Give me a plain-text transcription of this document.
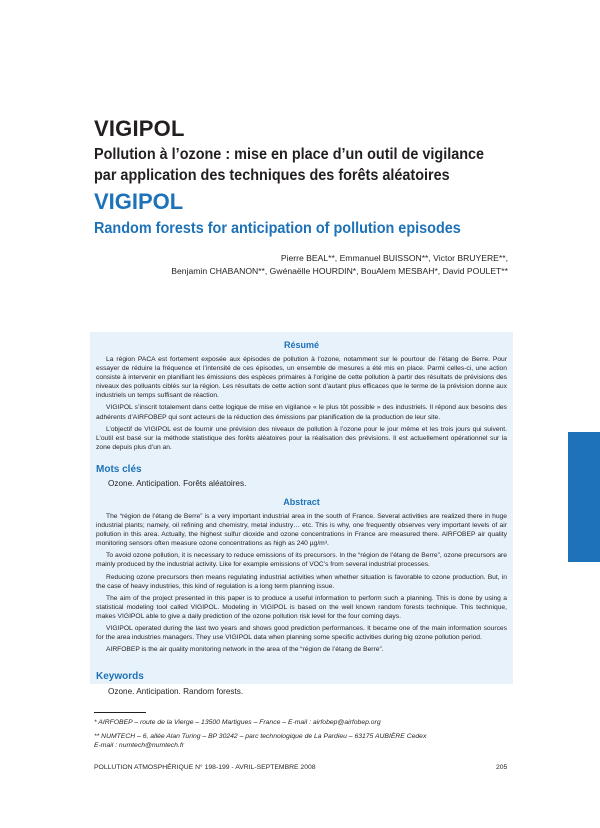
VIGIPOL
Pollution à l’ozone : mise en place d’un outil de vigilance par application des techniques des forêts aléatoires
VIGIPOL
Random forests for anticipation of pollution episodes
Pierre BEAL**, Emmanuel BUISSON**, Victor BRUYERE**,
Benjamin CHABANON**, Gwénaëlle HOURDIN*, BouAlem MESBAH*, David POULET**
Résumé

La région PACA est fortement exposée aux épisodes de pollution à l’ozone, notamment sur le pourtour de l’étang de Berre. Pour essayer de réduire la fréquence et l’intensité de ces épisodes, un ensemble de mesures a été mis en place. Parmi celles-ci, une action consiste à intervenir en planifiant les émissions des espèces primaires à l’origine de cette pollution à partir des résultats de prévisions des niveaux des polluants ciblés sur la région. Les résultats de cette action sont d’autant plus efficaces que le terme de la prévision donne aux industriels un temps suffisant de réaction.

VIGIPOL s’inscrit totalement dans cette logique de mise en vigilance « le plus tôt possible » des industriels. Il répond aux besoins des adhérents d’AIRFOBEP qui sont acteurs de la réduction des émissions par planification de la production de leur site.

L’objectif de VIGIPOL est de fournir une prévision des niveaux de pollution à l’ozone pour le jour même et les trois jours qui suivent. L’outil est basé sur la méthode statistique des forêts aléatoires pour la réalisation des prévisions. Il est actuellement opérationnel sur la zone depuis plus d’un an.

Mots clés
Ozone. Anticipation. Forêts aléatoires.
Abstract

The “région de l’étang de Berre” is a very important industrial area in the south of France. Several activities are realized there in huge industrial plants; namely, oil refining and chemistry, metal industry… etc. This is why, one frequently observes very important levels of air pollution in this area. Actually, the highest sulfur dioxide and ozone concentrations in France are measured there. AIRFOBEP air quality monitoring sensors often measure ozone concentrations as high as 240 µg/m³.

To avoid ozone pollution, it is necessary to reduce emissions of its precursors. In the “région de l’étang de Berre”, ozone precursors are mainly produced by the industrial activity. Like for example emissions of VOC’s from several industrial processes.

Reducing ozone precursors then means regulating industrial activities when whether situation is favorable to ozone production. But, in the case of heavy industries, this kind of regulation is a long term planning issue.

The aim of the project presented in this paper is to produce a useful information to perform such a planning. This is done by using a statistical modeling tool called VIGIPOL. Modeling in VIGIPOL is based on the well known random forests technique. This technique, makes VIGIPOL able to give a daily prediction of the ozone pollution risk level for the four coming days.

VIGIPOL operated during the last two years and shows good prediction performances. It became one of the main information sources for the area industries managers. They use VIGIPOL data when planning some specific activities during big ozone pollution period.

AIRFOBEP is the air quality monitoring network in the area of the “région de l’étang de Berre”.

Keywords
Ozone. Anticipation. Random forests.
* AIRFOBEP – route de la Vierge – 13500 Martigues – France – E-mail : airfobep@airfobep.org
** NUMTECH – 6, allée Alan Turing – BP 30242 – parc technologique de La Pardieu – 63175 AUBIÈRE Cedex
E-mail : numtech@numtech.fr
POLLUTION ATMOSPHÉRIQUE N° 198-199 - AVRIL-SEPTEMBRE 2008	205
